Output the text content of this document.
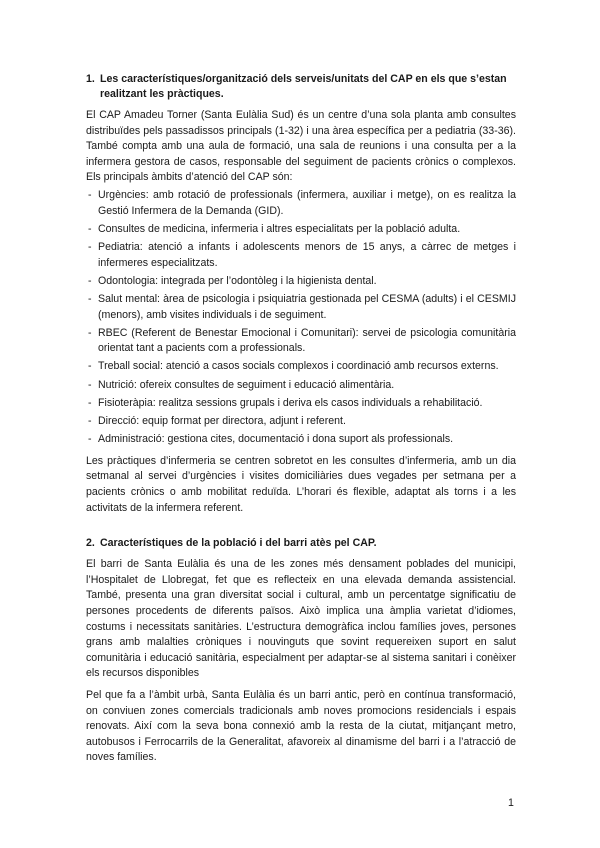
1. Les característiques/organització dels serveis/unitats del CAP en els que s’estan realitzant les pràctiques.

El CAP Amadeu Torner (Santa Eulàlia Sud) és un centre d’una sola planta amb consultes distribuïdes pels passadissos principals (1-32) i una àrea específica per a pediatria (33-36). També compta amb una aula de formació, una sala de reunions i una consulta per a la infermera gestora de casos, responsable del seguiment de pacients crònics o complexos. Els principals àmbits d’atenció del CAP són:

- Urgències: amb rotació de professionals (infermera, auxiliar i metge), on es realitza la Gestió Infermera de la Demanda (GID).
- Consultes de medicina, infermeria i altres especialitats per la població adulta.
- Pediatria: atenció a infants i adolescents menors de 15 anys, a càrrec de metges i infermeres especialitzats.
- Odontologia: integrada per l’odontòleg i la higienista dental.
- Salut mental: àrea de psicologia i psiquiatria gestionada pel CESMA (adults) i el CESMIJ (menors), amb visites individuals i de seguiment.
- RBEC (Referent de Benestar Emocional i Comunitari): servei de psicologia comunitària orientat tant a pacients com a professionals.
- Treball social: atenció a casos socials complexos i coordinació amb recursos externs.
- Nutrició: ofereix consultes de seguiment i educació alimentària.
- Fisioteràpia: realitza sessions grupals i deriva els casos individuals a rehabilitació.
- Direcció: equip format per directora, adjunt i referent.
- Administració: gestiona cites, documentació i dona suport als professionals.

Les pràctiques d’infermeria se centren sobretot en les consultes d’infermeria, amb un dia setmanal al servei d’urgències i visites domiciliàries dues vegades per setmana per a pacients crònics o amb mobilitat reduïda. L’horari és flexible, adaptat als torns i a les activitats de la infermera referent.

2. Característiques de la població i del barri atès pel CAP.

El barri de Santa Eulàlia és una de les zones més densament poblades del municipi, l’Hospitalet de Llobregat, fet que es reflecteix en una elevada demanda assistencial. També, presenta una gran diversitat social i cultural, amb un percentatge significatiu de persones procedents de diferents països. Això implica una àmplia varietat d’idiomes, costums i necessitats sanitàries. L’estructura demogràfica inclou famílies joves, persones grans amb malalties cròniques i nouvinguts que sovint requereixen suport en salut comunitària i educació sanitària, especialment per adaptar-se al sistema sanitari i conèixer els recursos disponibles

Pel que fa a l’àmbit urbà, Santa Eulàlia és un barri antic, però en contínua transformació, on conviuen zones comercials tradicionals amb noves promocions residencials i espais renovats. Així com la seva bona connexió amb la resta de la ciutat, mitjançant metro, autobusos i Ferrocarrils de la Generalitat, afavoreix al dinamisme del barri i a l’atracció de noves famílies.

1
